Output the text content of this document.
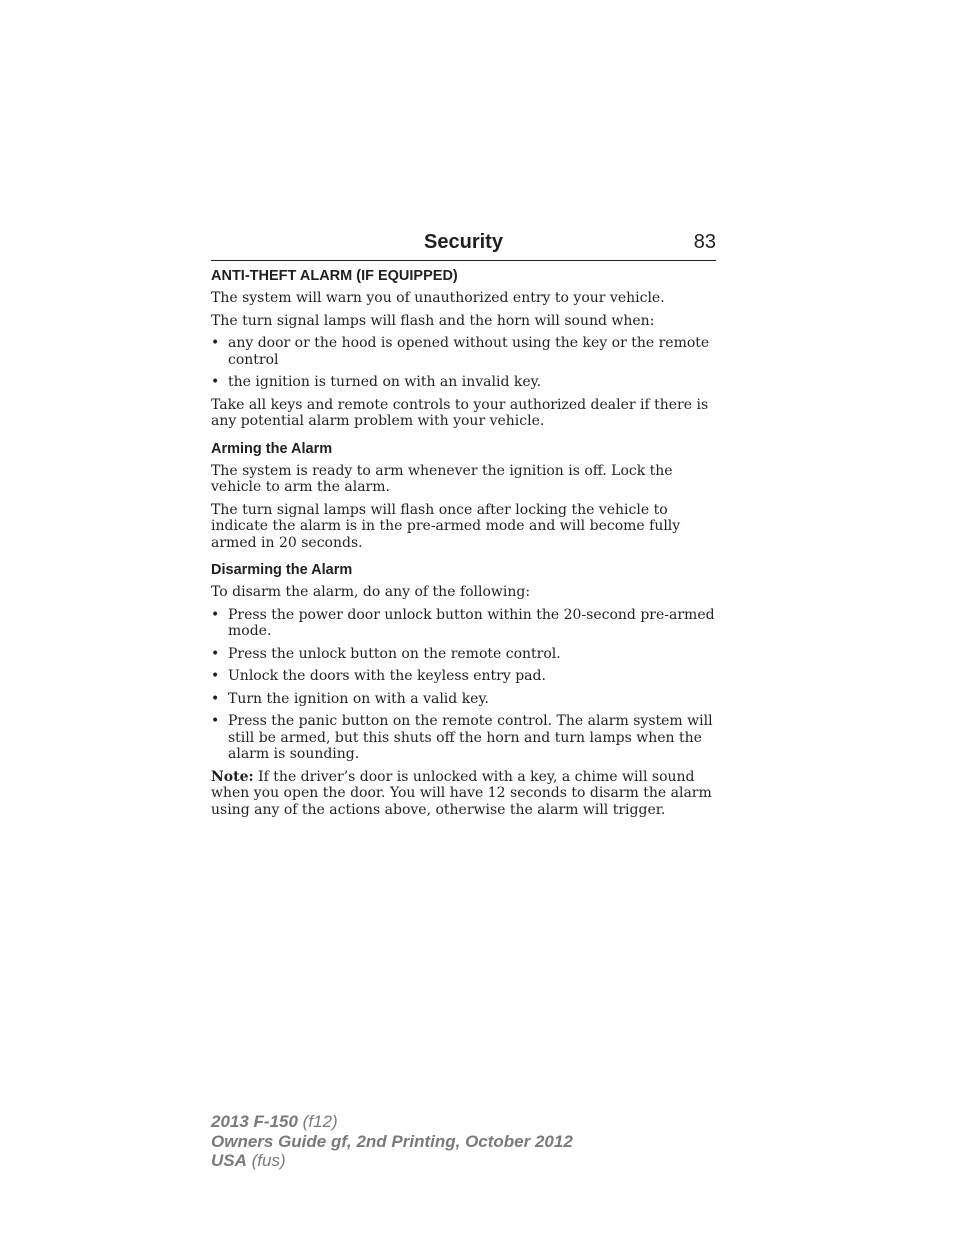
Security	83
ANTI-THEFT ALARM (IF EQUIPPED)

The system will warn you of unauthorized entry to your vehicle.

The turn signal lamps will flash and the horn will sound when:

• any door or the hood is opened without using the key or the remote control
• the ignition is turned on with an invalid key.

Take all keys and remote controls to your authorized dealer if there is any potential alarm problem with your vehicle.

Arming the Alarm

The system is ready to arm whenever the ignition is off. Lock the vehicle to arm the alarm.

The turn signal lamps will flash once after locking the vehicle to indicate the alarm is in the pre-armed mode and will become fully armed in 20 seconds.

Disarming the Alarm

To disarm the alarm, do any of the following:

• Press the power door unlock button within the 20-second pre-armed mode.
• Press the unlock button on the remote control.
• Unlock the doors with the keyless entry pad.
• Turn the ignition on with a valid key.
• Press the panic button on the remote control. The alarm system will still be armed, but this shuts off the horn and turn lamps when the alarm is sounding.

Note: If the driver’s door is unlocked with a key, a chime will sound when you open the door. You will have 12 seconds to disarm the alarm using any of the actions above, otherwise the alarm will trigger.

2013 F-150 (f12)
Owners Guide gf, 2nd Printing, October 2012
USA (fus)
